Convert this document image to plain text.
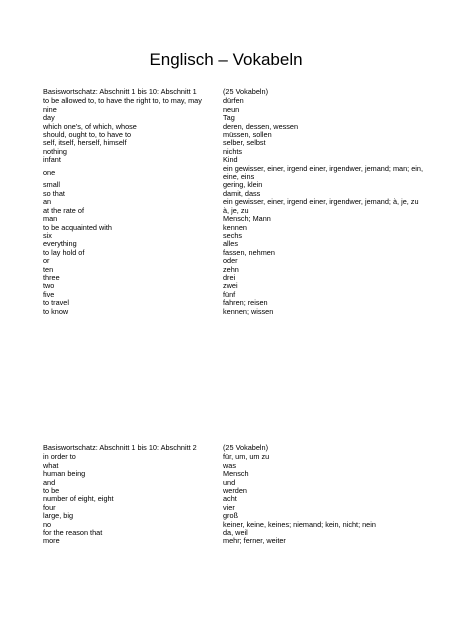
Englisch – Vokabeln
Basiswortschatz: Abschnitt 1 bis 10: Abschnitt 1	(25 Vokabeln)
to be allowed to, to have the right to, to may, may	dürfen
nine	neun
day	Tag
which one's, of which, whose	deren, dessen, wessen
should, ought to, to have to	müssen, sollen
self, itself, herself, himself	selber, selbst
nothing	nichts
infant	Kind
one	ein gewisser, einer, irgend einer, irgendwer, jemand; man; ein, eine, eins
small	gering, klein
so that	damit, dass
an	ein gewisser, einer, irgend einer, irgendwer, jemand; à, je, zu
at the rate of	à, je, zu
man	Mensch; Mann
to be acquainted with	kennen
six	sechs
everything	alles
to lay hold of	fassen, nehmen
or	oder
ten	zehn
three	drei
two	zwei
five	fünf
to travel	fahren; reisen
to know	kennen; wissen
Basiswortschatz: Abschnitt 1 bis 10: Abschnitt 2	(25 Vokabeln)
in order to	für, um, um zu
what	was
human being	Mensch
and	und
to be	werden
number of eight, eight	acht
four	vier
large, big	groß
no	keiner, keine, keines; niemand; kein, nicht; nein
for the reason that	da, weil
more	mehr; ferner, weiter
